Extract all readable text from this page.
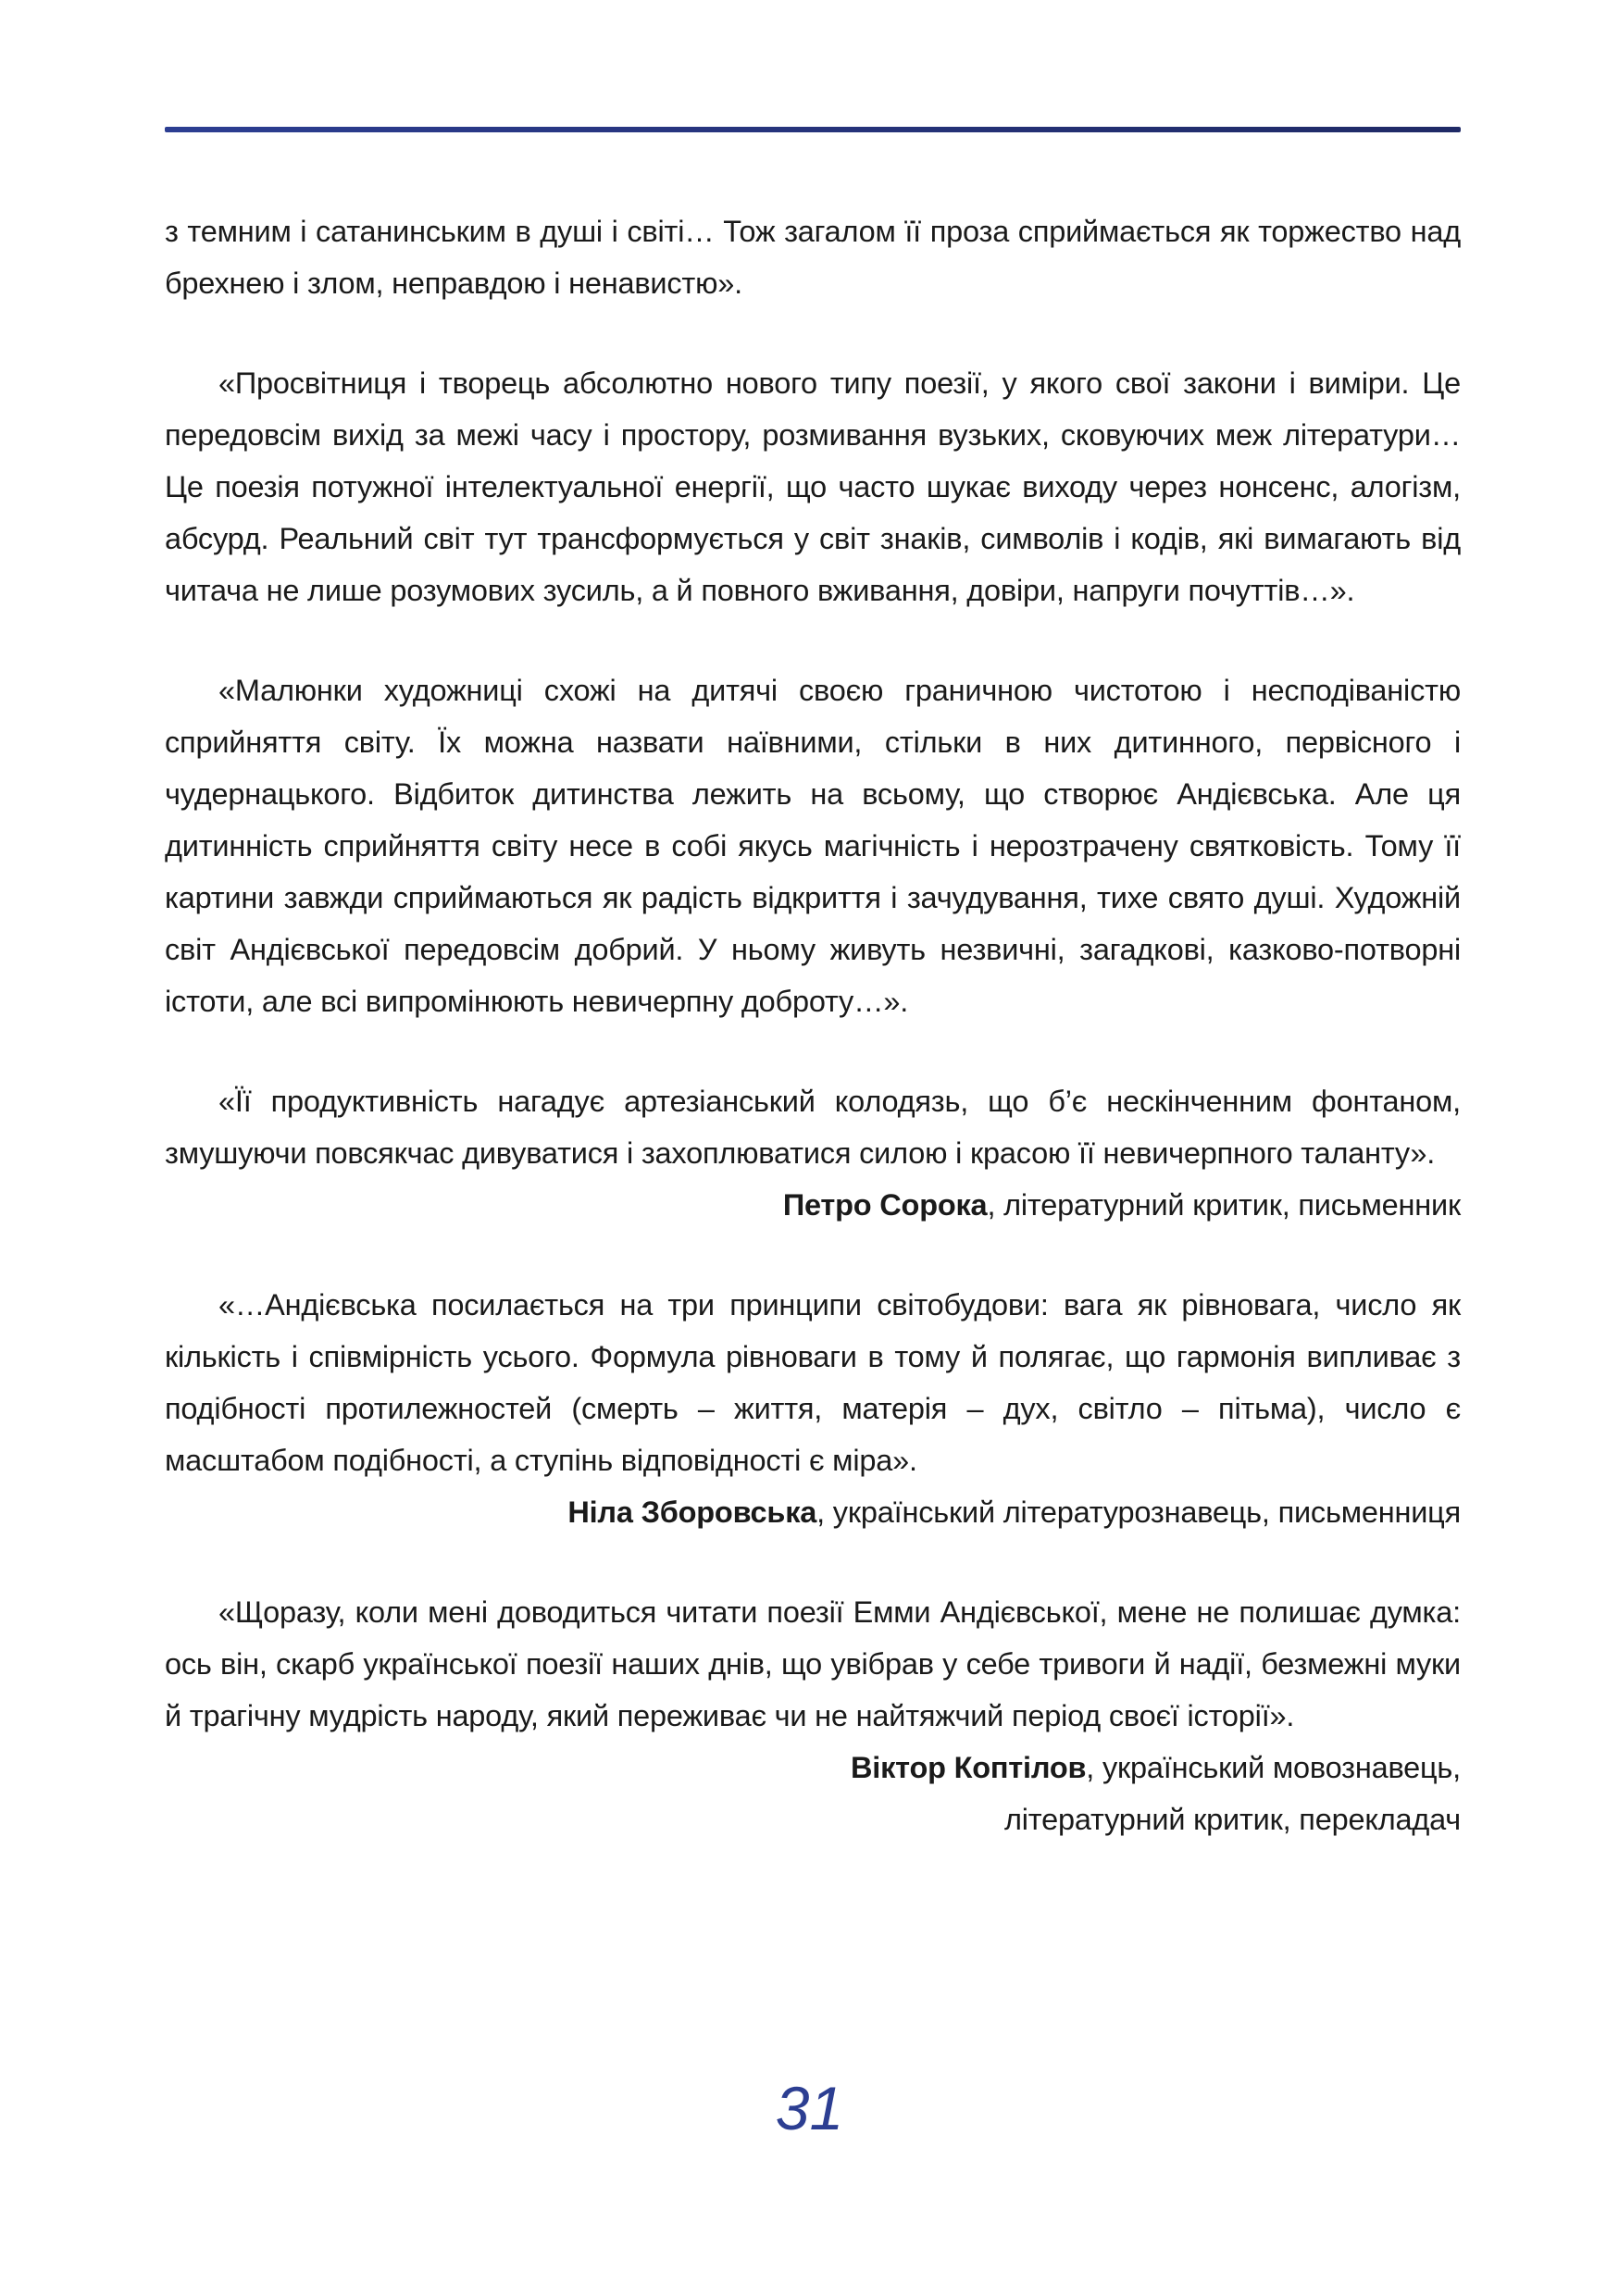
з темним і сатанинським в душі і світі… Тож загалом її проза сприймається як торжество над брехнею і злом, неправдою і ненавистю».

«Просвітниця і творець абсолютно нового типу поезії, у якого свої закони і виміри. Це передовсім вихід за межі часу і простору, розмивання вузьких, сковуючих меж літератури… Це поезія потужної інтелектуальної енергії, що часто шукає виходу через нонсенс, алогізм, абсурд. Реальний світ тут трансформується у світ знаків, символів і кодів, які вимагають від читача не лише розумових зусиль, а й повного вживання, довіри, напруги почуттів…».

«Малюнки художниці схожі на дитячі своєю граничною чистотою і несподіваністю сприйняття світу. Їх можна назвати наївними, стільки в них дитинного, первісного і чудернацького. Відбиток дитинства лежить на всьому, що створює Андієвська. Але ця дитинність сприйняття світу несе в собі якусь магічність і нерозтрачену святковість. Тому її картини завжди сприймаються як радість відкриття і зачудування, тихе свято душі. Художній світ Андієвської передовсім добрий. У ньому живуть незвичні, загадкові, казково-потворні істоти, але всі випромінюють невичерпну доброту…».

«Її продуктивність нагадує артезіанський колодязь, що б’є нескінченним фонтаном, змушуючи повсякчас дивуватися і захоплюватися силою і красою її невичерпного таланту».

Петро Сорока, літературний критик, письменник

«…Андієвська посилається на три принципи світобудови: вага як рівновага, число як кількість і співмірність усього. Формула рівноваги в тому й полягає, що гармонія випливає з подібності протилежностей (смерть – життя, матерія – дух, світло – пітьма), число є масштабом подібності, а ступінь відповідності є міра».

Ніла Зборовська, український літературознавець, письменниця

«Щоразу, коли мені доводиться читати поезії Емми Андієвської, мене не полишає думка: ось він, скарб української поезії наших днів, що увібрав у себе тривоги й надії, безмежні муки й трагічну мудрість народу, який переживає чи не найтяжчий період своєї історії».

Віктор Коптілов, український мовознавець,

літературний критик, перекладач

31
